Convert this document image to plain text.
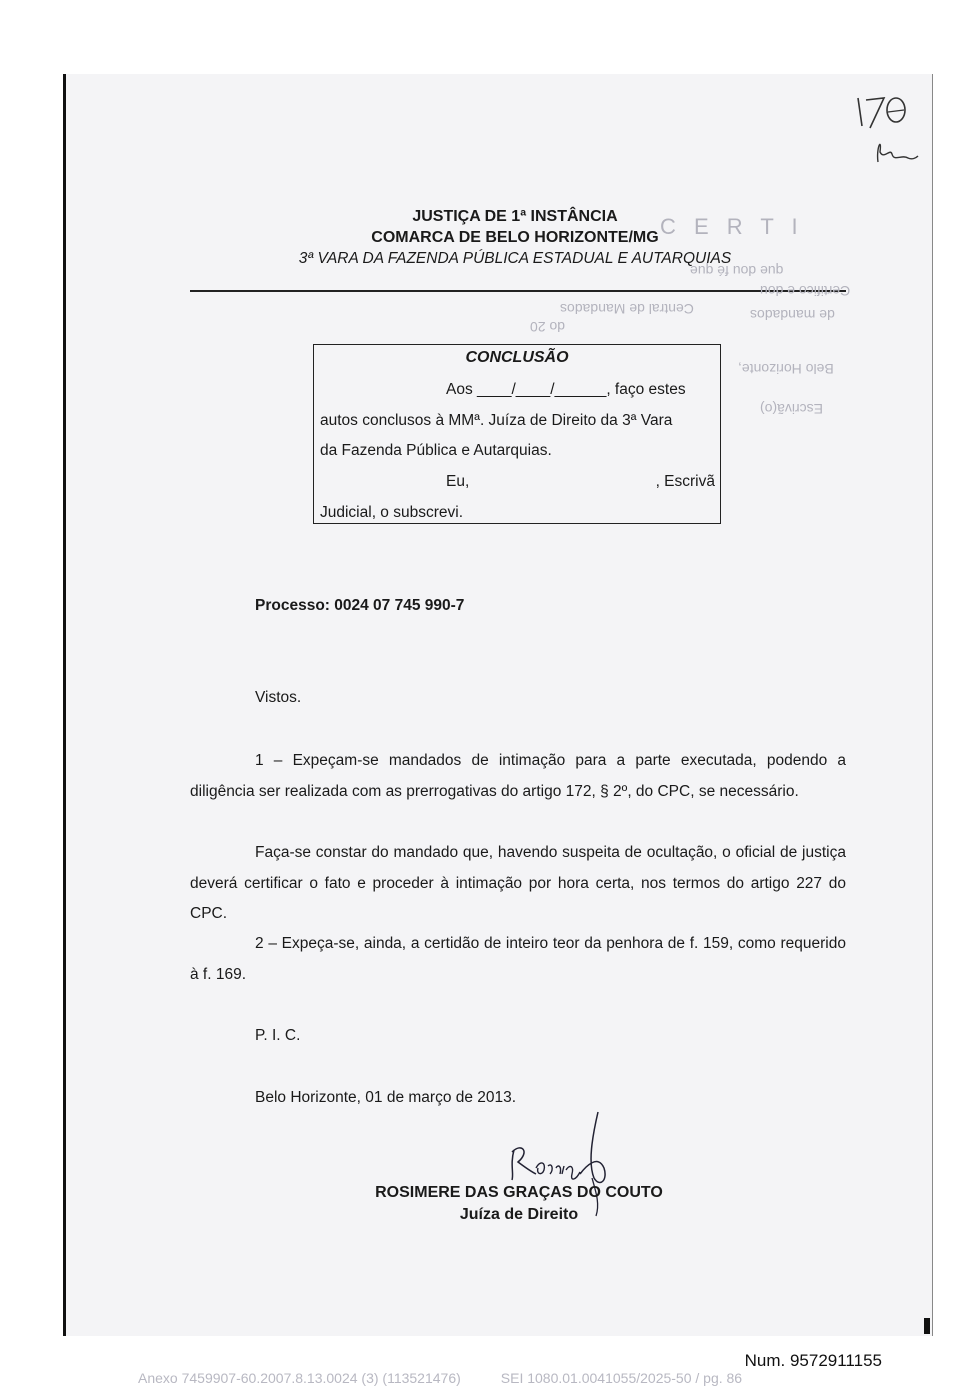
JUSTIÇA DE 1ª INSTÂNCIA
COMARCA DE BELO HORIZONTE/MG
3ª VARA DA FAZENDA PÚBLICA ESTADUAL E AUTARQUIAS
C E R T I
que dou fé que
Certifico e dou
de mandados
Central de Mandados
do 20
Belo Horizonte,
Escrivã(o)
CONCLUSÃO
Aos ____/____/______, faço estes
autos conclusos à MMª. Juíza de Direito da 3ª Vara
da Fazenda Pública e Autarquias.
Eu,	, Escrivã
Judicial, o subscrevi.
Processo: 0024 07 745 990-7
Vistos.
1 – Expeçam-se mandados de intimação para a parte executada, podendo a diligência ser realizada com as prerrogativas do artigo 172, § 2º, do CPC, se necessário.
Faça-se constar do mandado que, havendo suspeita de ocultação, o oficial de justiça deverá certificar o fato e proceder à intimação por hora certa, nos termos do artigo 227 do CPC.
2 – Expeça-se, ainda, a certidão de inteiro teor da penhora de f. 159, como requerido à f. 169.
P. I. C.
Belo Horizonte, 01 de março de 2013.
ROSIMERE DAS GRAÇAS DO COUTO
Juíza de Direito
Num. 9572911155
Anexo 7459907-60.2007.8.13.0024 (3) (113521476)	SEI 1080.01.0041055/2025-50 / pg. 86
